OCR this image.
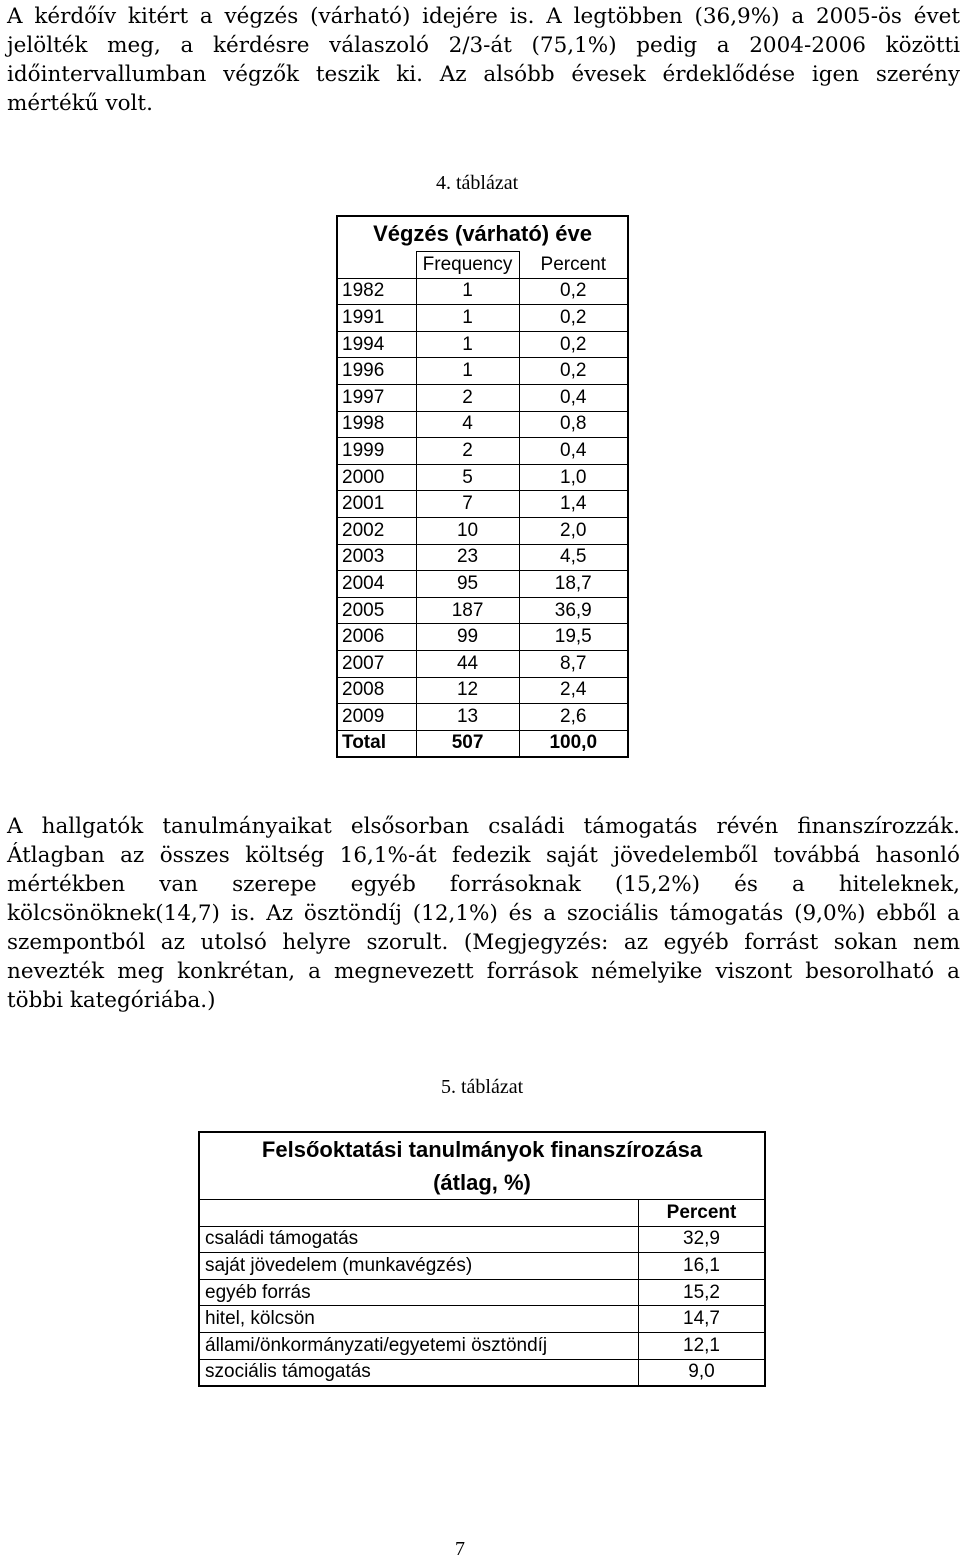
A kérdőív kitért a végzés (várható) idejére is. A legtöbben (36,9%) a 2005-ös évet
jelölték meg, a kérdésre válaszoló 2/3-át (75,1%) pedig a 2004-2006 közötti
időintervallumban végzők teszik ki. Az alsóbb évesek érdeklődése igen szerény
mértékű volt.
4. táblázat
Végzés (várható) éve		
	Frequency	Percent
1982	1	0,2
1991	1	0,2
1994	1	0,2
1996	1	0,2
1997	2	0,4
1998	4	0,8
1999	2	0,4
2000	5	1,0
2001	7	1,4
2002	10	2,0
2003	23	4,5
2004	95	18,7
2005	187	36,9
2006	99	19,5
2007	44	8,7
2008	12	2,4
2009	13	2,6
Total	507	100,0
A hallgatók tanulmányaikat elsősorban családi támogatás révén finanszírozzák.
Átlagban az összes költség 16,1%-át fedezik saját jövedelemből továbbá hasonló
mértékben van szerepe egyéb forrásoknak (15,2%) és a hiteleknek,
kölcsönöknek(14,7) is. Az ösztöndíj (12,1%) és a szociális támogatás (9,0%) ebből a
szempontból az utolsó helyre szorult. (Megjegyzés: az egyéb forrást sokan nem
nevezték meg konkrétan, a megnevezett források némelyike viszont besorolható a
többi kategóriába.)
5. táblázat
Felsőoktatási tanulmányok finanszírozása
(átlag, %)	
	Percent
családi támogatás	32,9
saját jövedelem (munkavégzés)	16,1
egyéb forrás	15,2
hitel, kölcsön	14,7
állami/önkormányzati/egyetemi ösztöndíj	12,1
szociális támogatás	9,0
7
